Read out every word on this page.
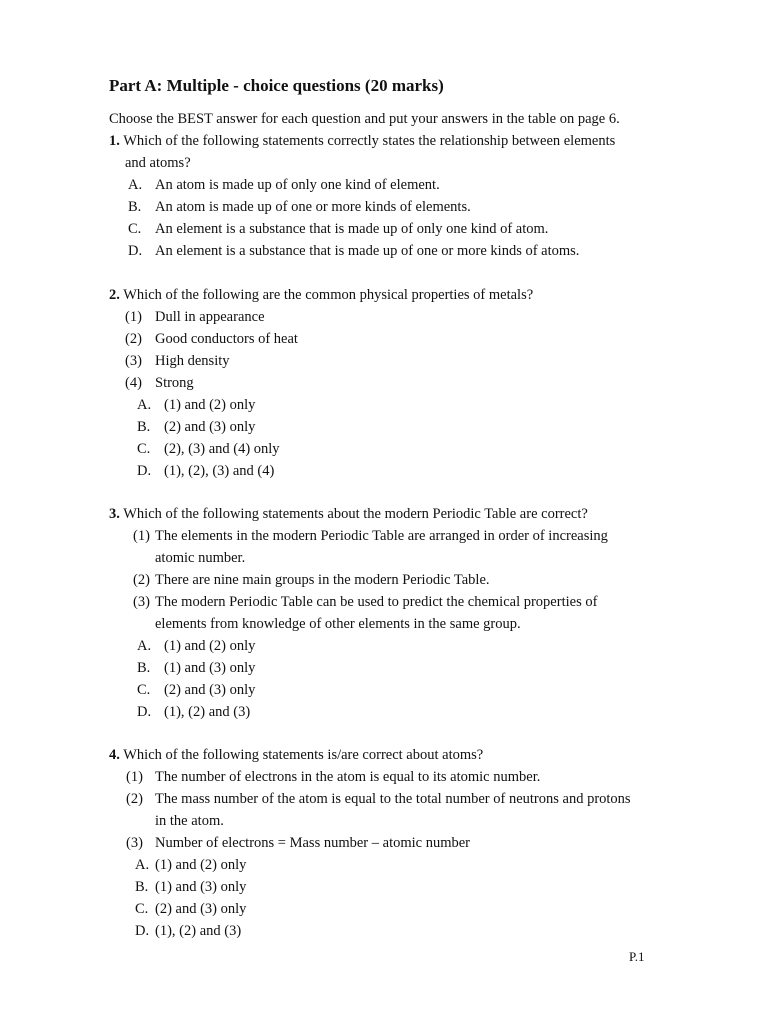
Part A: Multiple - choice questions (20 marks)
Choose the BEST answer for each question and put your answers in the table on page 6.
1. Which of the following statements correctly states the relationship between elements
and atoms?
A. An atom is made up of only one kind of element.
B. An atom is made up of one or more kinds of elements.
C. An element is a substance that is made up of only one kind of atom.
D. An element is a substance that is made up of one or more kinds of atoms.
2. Which of the following are the common physical properties of metals?
(1) Dull in appearance
(2) Good conductors of heat
(3) High density
(4) Strong
A. (1) and (2) only
B. (2) and (3) only
C. (2), (3) and (4) only
D. (1), (2), (3) and (4)
3. Which of the following statements about the modern Periodic Table are correct?
(1) The elements in the modern Periodic Table are arranged in order of increasing
atomic number.
(2) There are nine main groups in the modern Periodic Table.
(3) The modern Periodic Table can be used to predict the chemical properties of
elements from knowledge of other elements in the same group.
A. (1) and (2) only
B. (1) and (3) only
C. (2) and (3) only
D. (1), (2) and (3)
4. Which of the following statements is/are correct about atoms?
(1) The number of electrons in the atom is equal to its atomic number.
(2) The mass number of the atom is equal to the total number of neutrons and protons
in the atom.
(3) Number of electrons = Mass number – atomic number
A. (1) and (2) only
B. (1) and (3) only
C. (2) and (3) only
D. (1), (2) and (3)
P.1
